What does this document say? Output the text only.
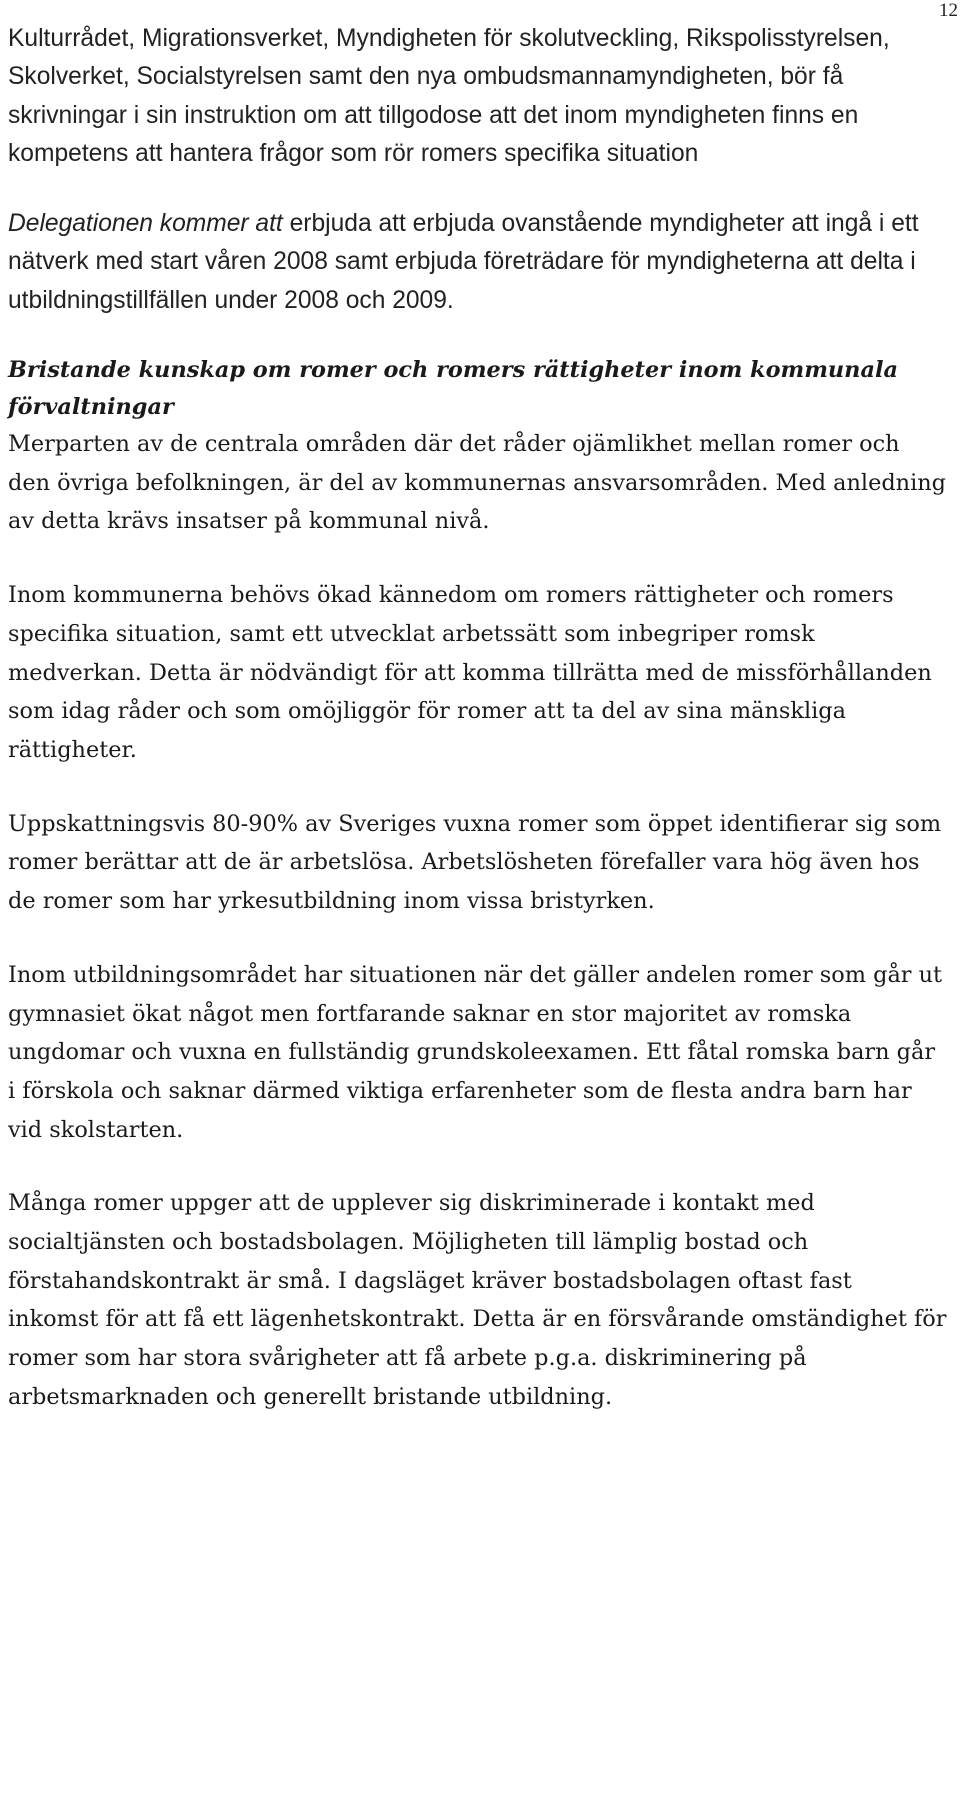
12

Kulturrådet, Migrationsverket, Myndigheten för skolutveckling, Rikspolisstyrelsen, Skolverket, Socialstyrelsen samt den nya ombudsmannamyndigheten, bör få skrivningar i sin instruktion om att tillgodose att det inom myndigheten finns en kompetens att hantera frågor som rör romers specifika situation

Delegationen kommer att erbjuda att erbjuda ovanstående myndigheter att ingå i ett nätverk med start våren 2008 samt erbjuda företrädare för myndigheterna att delta i utbildningstillfällen under 2008 och 2009.

Bristande kunskap om romer och romers rättigheter inom kommunala förvaltningar

Merparten av de centrala områden där det råder ojämlikhet mellan romer och den övriga befolkningen, är del av kommunernas ansvarsområden. Med anledning av detta krävs insatser på kommunal nivå.

Inom kommunerna behövs ökad kännedom om romers rättigheter och romers specifika situation, samt ett utvecklat arbetssätt som inbegriper romsk medverkan. Detta är nödvändigt för att komma tillrätta med de missförhållanden som idag råder och som omöjliggör för romer att ta del av sina mänskliga rättigheter.

Uppskattningsvis 80-90% av Sveriges vuxna romer som öppet identifierar sig som romer berättar att de är arbetslösa. Arbetslösheten förefaller vara hög även hos de romer som har yrkesutbildning inom vissa bristyrken.

Inom utbildningsområdet har situationen när det gäller andelen romer som går ut gymnasiet ökat något men fortfarande saknar en stor majoritet av romska ungdomar och vuxna en fullständig grundskoleexamen. Ett fåtal romska barn går i förskola och saknar därmed viktiga erfarenheter som de flesta andra barn har vid skolstarten.

Många romer uppger att de upplever sig diskriminerade i kontakt med socialtjänsten och bostadsbolagen. Möjligheten till lämplig bostad och förstahandskontrakt är små. I dagsläget kräver bostadsbolagen oftast fast inkomst för att få ett lägenhetskontrakt. Detta är en försvårande omständighet för romer som har stora svårigheter att få arbete p.g.a. diskriminering på arbetsmarknaden och generellt bristande utbildning.
